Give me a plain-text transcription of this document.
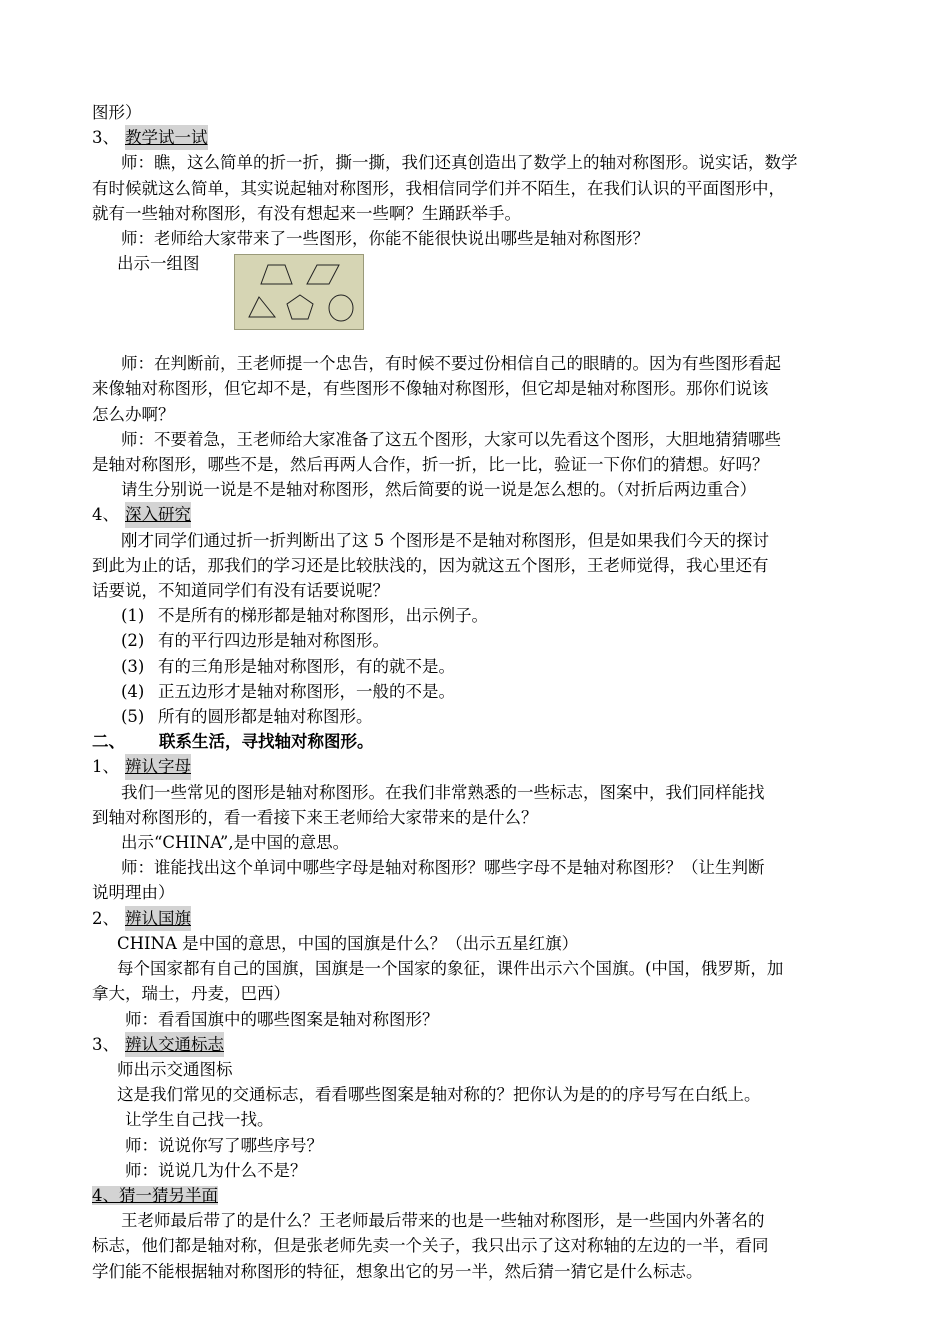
图形）
3、 教学试一试
师：瞧，这么简单的折一折，撕一撕，我们还真创造出了数学上的轴对称图形。说实话，数学
有时候就这么简单，其实说起轴对称图形，我相信同学们并不陌生，在我们认识的平面图形中，
就有一些轴对称图形，有没有想起来一些啊？生踊跃举手。
师：老师给大家带来了一些图形，你能不能很快说出哪些是轴对称图形？
出示一组图
师：在判断前，王老师提一个忠告，有时候不要过份相信自己的眼睛的。因为有些图形看起
来像轴对称图形，但它却不是，有些图形不像轴对称图形，但它却是轴对称图形。那你们说该
怎么办啊？
师：不要着急，王老师给大家准备了这五个图形，大家可以先看这个图形，大胆地猜猜哪些
是轴对称图形，哪些不是，然后再两人合作，折一折，比一比，验证一下你们的猜想。好吗？
请生分别说一说是不是轴对称图形，然后简要的说一说是怎么想的。（对折后两边重合）
4、 深入研究
刚才同学们通过折一折判断出了这 5 个图形是不是轴对称图形，但是如果我们今天的探讨
到此为止的话，那我们的学习还是比较肤浅的，因为就这五个图形，王老师觉得，我心里还有
话要说，不知道同学们有没有话要说呢？
(1) 不是所有的梯形都是轴对称图形，出示例子。
(2) 有的平行四边形是轴对称图形。
(3) 有的三角形是轴对称图形，有的就不是。
(4) 正五边形才是轴对称图形，一般的不是。
(5) 所有的圆形都是轴对称图形。
二、 联系生活，寻找轴对称图形。
1、 辨认字母
我们一些常见的图形是轴对称图形。在我们非常熟悉的一些标志，图案中，我们同样能找
到轴对称图形的，看一看接下来王老师给大家带来的是什么？
出示“CHINA”,是中国的意思。
师：谁能找出这个单词中哪些字母是轴对称图形？哪些字母不是轴对称图形？（让生判断
说明理由）
2、 辨认国旗
CHINA 是中国的意思，中国的国旗是什么？（出示五星红旗）
每个国家都有自己的国旗，国旗是一个国家的象征，课件出示六个国旗。(中国，俄罗斯，加
拿大，瑞士，丹麦，巴西）
师：看看国旗中的哪些图案是轴对称图形？
3、 辨认交通标志
师出示交通图标
这是我们常见的交通标志，看看哪些图案是轴对称的？把你认为是的的序号写在白纸上。
让学生自己找一找。
师：说说你写了哪些序号？
师：说说几为什么不是？
4、猜一猜另半面
王老师最后带了的是什么？王老师最后带来的也是一些轴对称图形，是一些国内外著名的
标志，他们都是轴对称，但是张老师先卖一个关子，我只出示了这对称轴的左边的一半，看同
学们能不能根据轴对称图形的特征，想象出它的另一半，然后猜一猜它是什么标志。
